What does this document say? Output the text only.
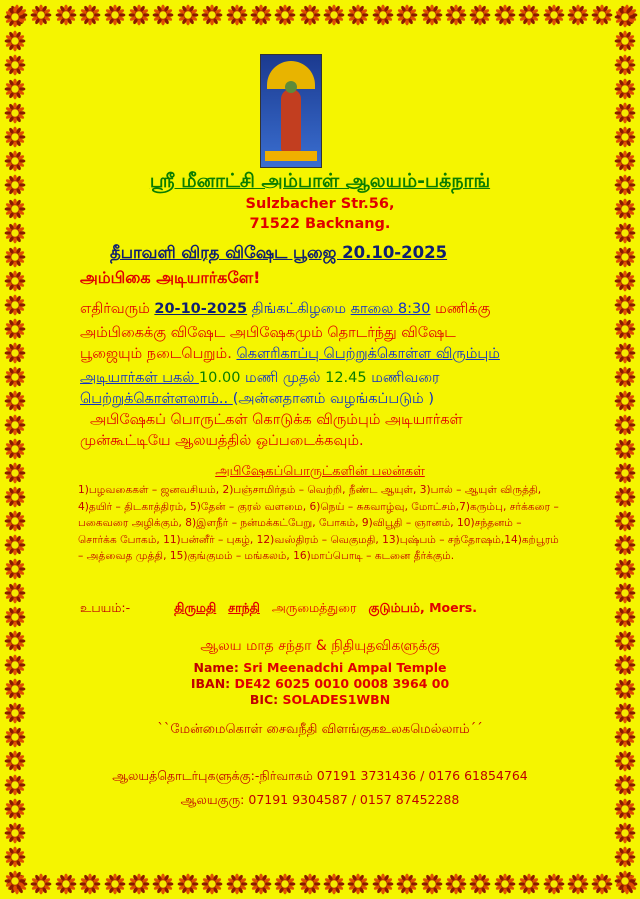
ஸ்ரீ மீனாட்சி அம்பாள் ஆலயம்-பக்நாங்
Sulzbacher Str.56,
71522 Backnang.
தீபாவளி விரத விஷேட பூஜை 20.10-2025
அம்பிகை அடியார்களே!
எதிர்வரும் 20-10-2025 திங்கட்கிழமை காலை 8:30 மணிக்கு
அம்பிகைக்கு விஷேட அபிஷேகமும் தொடர்ந்து விஷேட
பூஜையும் நடைபெறும். கௌரிகாப்பு பெற்றுக்கொள்ள விரும்பும்
அடியார்கள் பகல் 10.00 மணி முதல் 12.45 மணிவரை
பெற்றுக்கொள்ளலாம்.. (அன்னதானம் வழங்கப்படும் )
அபிஷேகப் பொருட்கள் கொடுக்க விரும்பும் அடியார்கள்
முன்கூட்டியே ஆலயத்தில் ஒப்படைக்கவும்.
அபிஷேகப்பொருட்களின் பலன்கள்
1)பழவகைகள் – ஜனவசியம், 2)பஞ்சாமிர்தம் – வெற்றி, நீண்ட ஆயுள், 3)பால் – ஆயுள் விருத்தி, 4)தயிர் – திடகாத்திரம், 5)தேன் – குரல் வளமை, 6)நெய் – சுகவாழ்வு, மோட்சம்,7)கரும்பு, சர்க்கரை –பகைவரை அழிக்கும், 8)இளநீர் – நன்மக்கட்பேறு, போகம், 9)விபூதி – ஞானம், 10)சந்தனம் – சொர்க்க போகம், 11)பன்னீர் – புகழ், 12)வஸ்திரம் – வெகுமதி, 13)புஷ்பம் – சந்தோஷம்,14)கற்பூரம் – அத்வைத முத்தி, 15)குங்குமம் – மங்கலம், 16)மாப்பொடி – கடனை தீர்க்கும்.
உபயம்:-	திருமதி சாந்தி அருமைத்துரை குடும்பம், Moers.
ஆலய மாத சந்தா & நிதியுதவிகளுக்கு
Name: Sri Meenadchi Ampal Temple
IBAN: DE42 6025 0010 0008 3964 00
BIC: SOLADES1WBN
``மேன்மைகொள் சைவநீதி விளங்குகஉலகமெல்லாம்´´
ஆலயத்தொடர்புகளுக்கு:-நிர்வாகம் 07191 3731436 / 0176 61854764
ஆலயகுரு: 07191 9304587 / 0157 87452288
